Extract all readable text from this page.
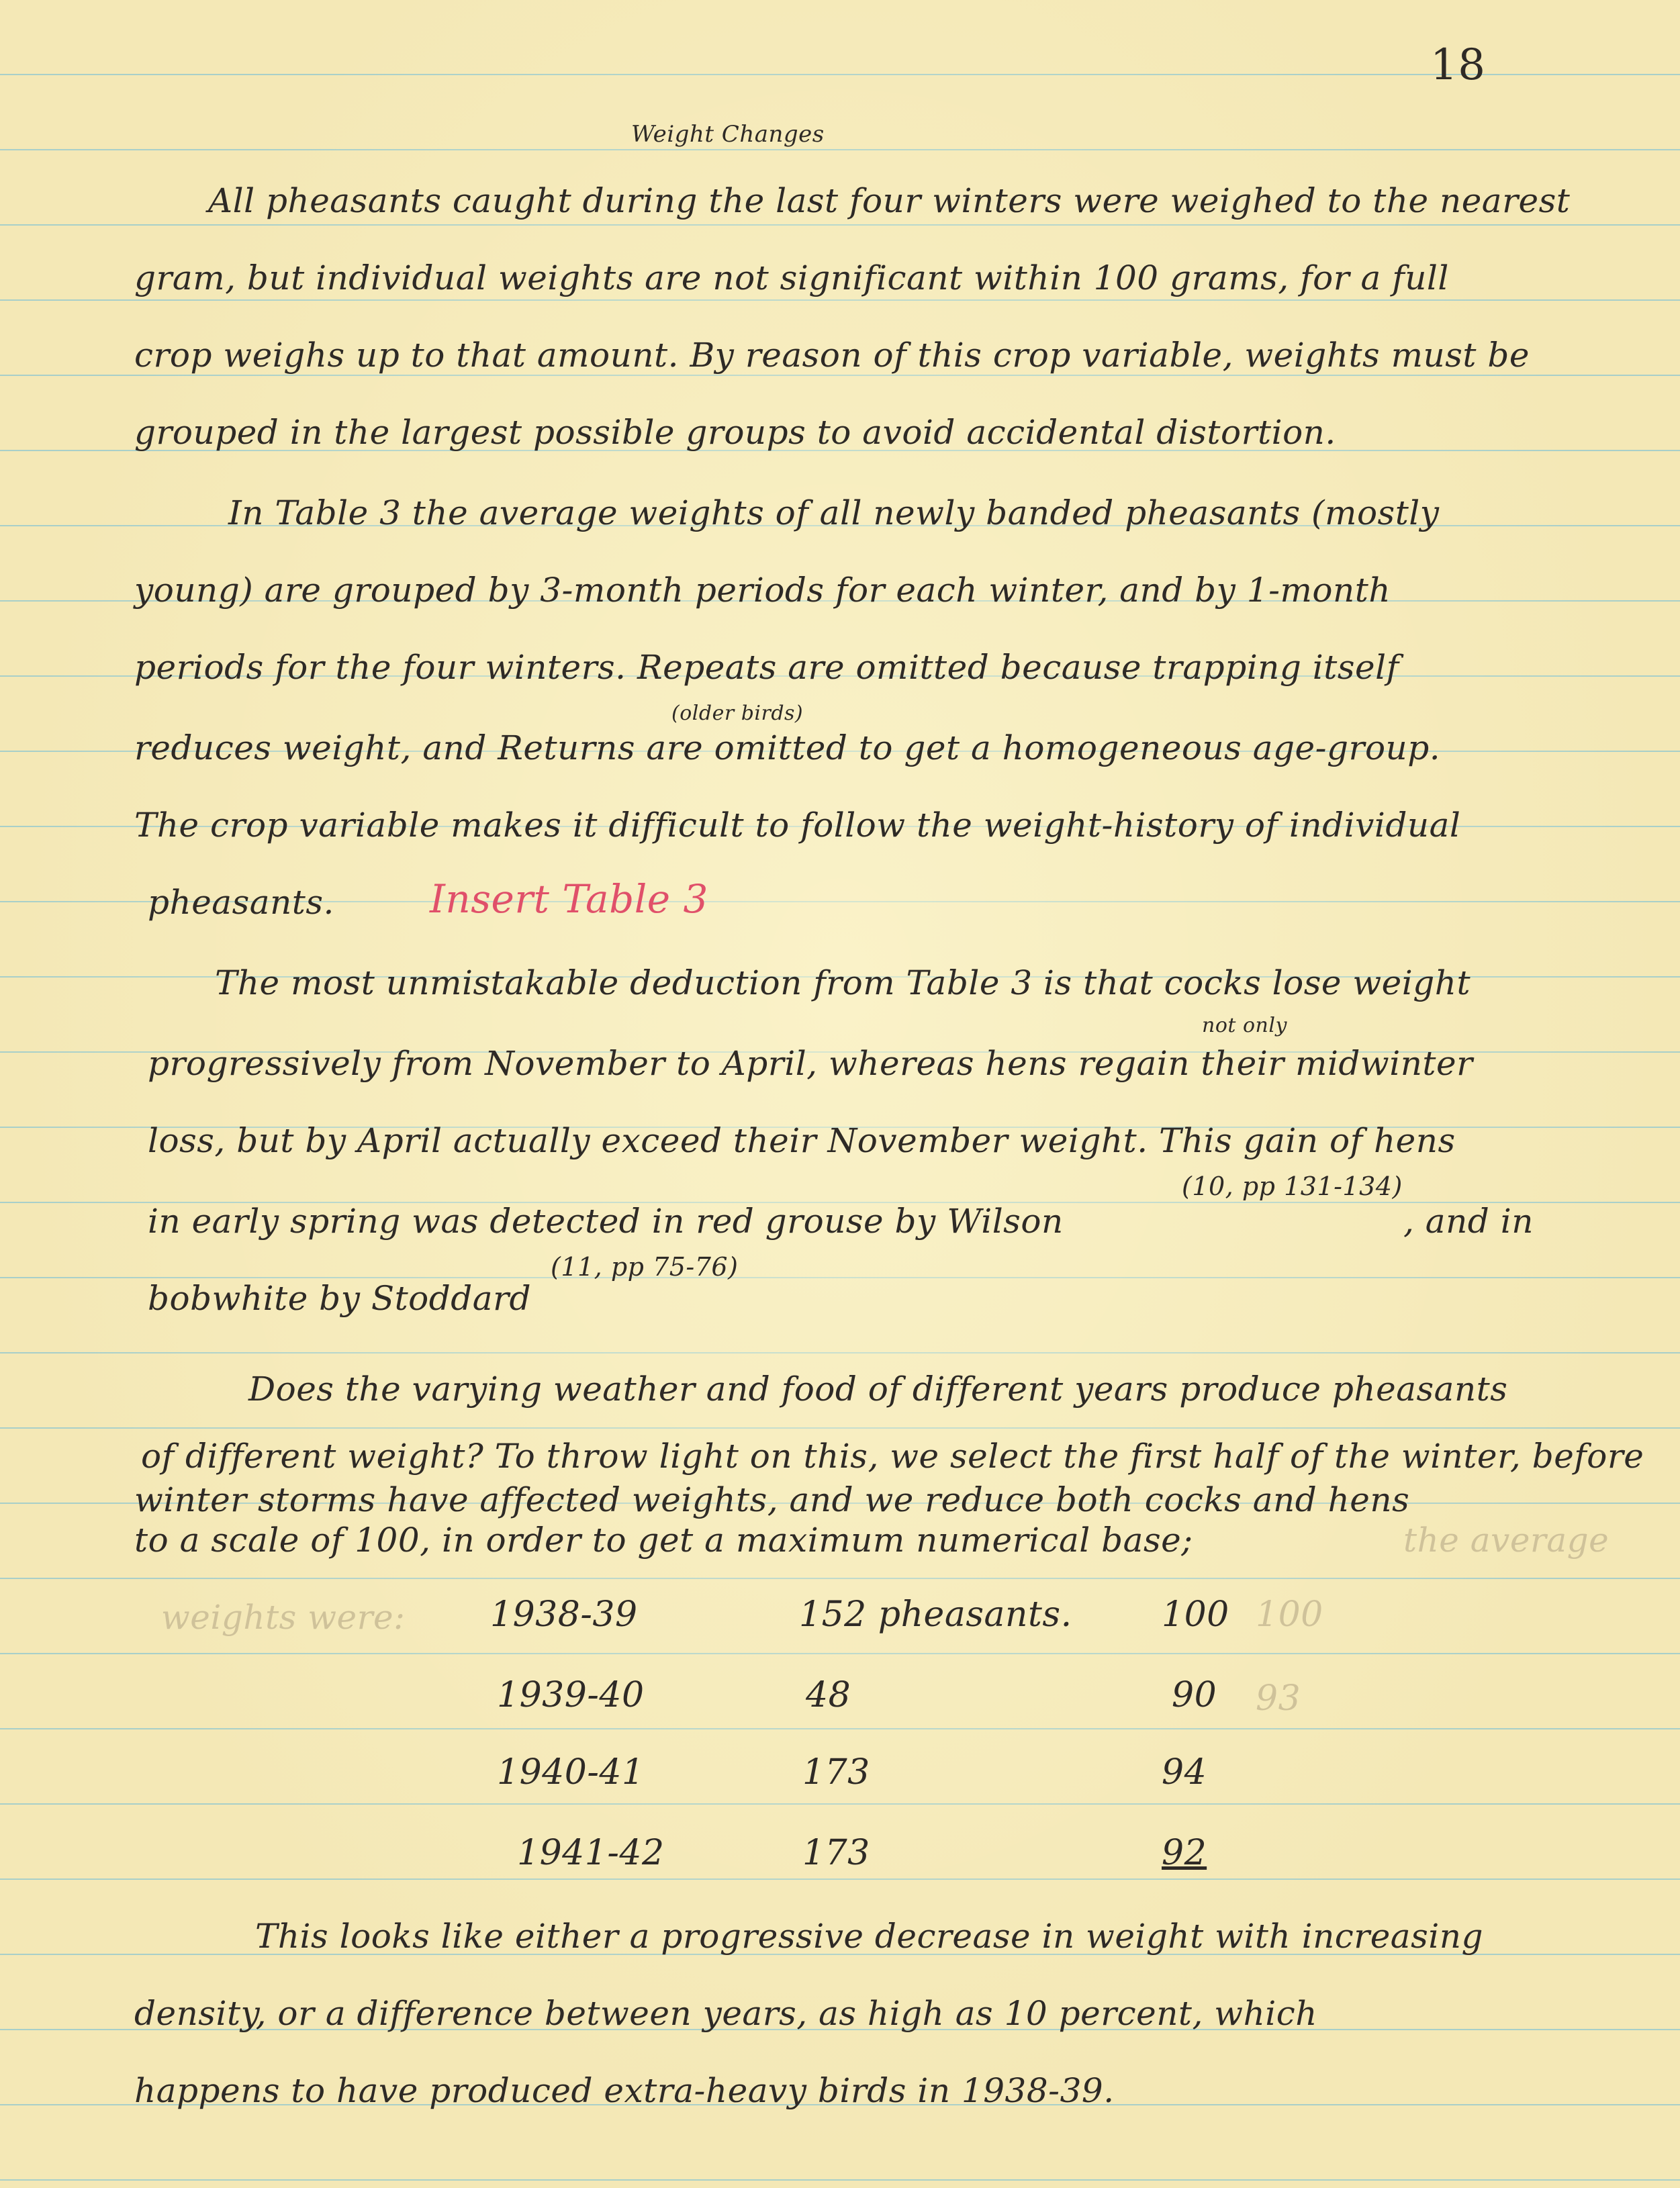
18
Weight Changes
All pheasants caught during the last four winters were weighed to the nearest
gram, but individual weights are not significant within 100 grams, for a full
crop weighs up to that amount. By reason of this crop variable, weights must be
grouped in the largest possible groups to avoid accidental distortion.
In Table 3 the average weights of all newly banded pheasants (mostly
young) are grouped by 3-month periods for each winter, and by 1-month
periods for the four winters. Repeats are omitted because trapping itself
(older birds)
reduces weight, and Returns are omitted to get a homogeneous age-group.
The crop variable makes it difficult to follow the weight-history of individual
pheasants. Insert Table 3
The most unmistakable deduction from Table 3 is that cocks lose weight
not only
progressively from November to April, whereas hens regain their midwinter
loss, but by April actually exceed their November weight. This gain of hens
(10, pp 131-134)
in early spring was detected in red grouse by Wilson	, and in
bobwhite by Stoddard
(11, pp 75-76)
Does the varying weather and food of different years produce pheasants
of different weight? To throw light on this, we select the first half of the winter, before
winter storms have affected weights, and we reduce both cocks and hens
to a scale of 100, in order to get a maximum numerical base;	the average
weights were: 1938-39	152 pheasants.	100 100
1939-40	48	90 93
1940-41	173	94
1941-42	173	92
This looks like either a progressive decrease in weight with increasing
density, or a difference between years, as high as 10 percent, which
happens to have produced extra-heavy birds in 1938-39.
